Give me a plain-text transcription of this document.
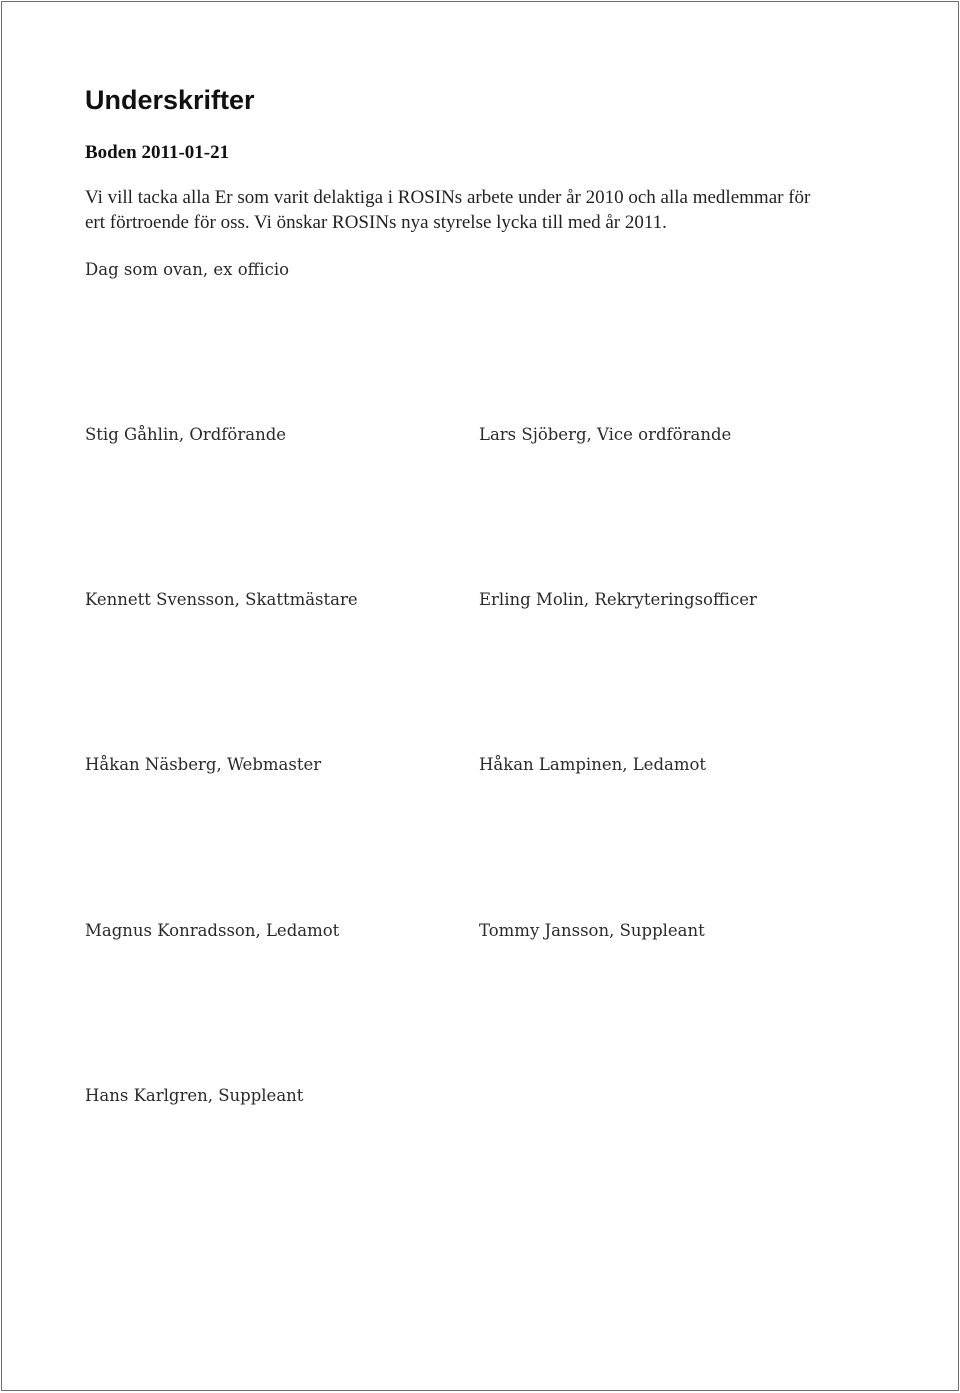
Underskrifter
Boden 2011-01-21
Vi vill tacka alla Er som varit delaktiga i ROSINs arbete under år 2010 och alla medlemmar för
ert förtroende för oss. Vi önskar ROSINs nya styrelse lycka till med år 2011.
Dag som ovan, ex officio
Stig Gåhlin, Ordförande	Lars Sjöberg, Vice ordförande
Kennett Svensson, Skattmästare	Erling Molin, Rekryteringsofficer
Håkan Näsberg, Webmaster	Håkan Lampinen, Ledamot
Magnus Konradsson, Ledamot	Tommy Jansson, Suppleant
Hans Karlgren, Suppleant
